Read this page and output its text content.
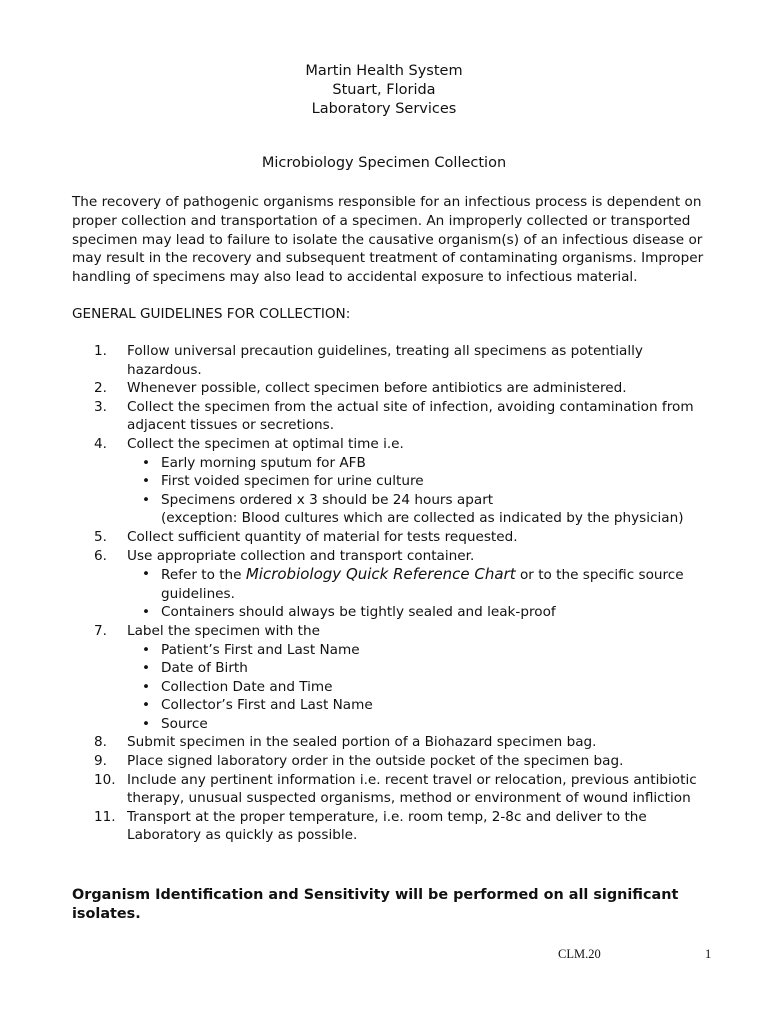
Martin Health System
Stuart, Florida
Laboratory Services
Microbiology Specimen Collection

The recovery of pathogenic organisms responsible for an infectious process is dependent on proper collection and transportation of a specimen. An improperly collected or transported specimen may lead to failure to isolate the causative organism(s) of an infectious disease or may result in the recovery and subsequent treatment of contaminating organisms. Improper handling of specimens may also lead to accidental exposure to infectious material.

GENERAL GUIDELINES FOR COLLECTION:

1. Follow universal precaution guidelines, treating all specimens as potentially hazardous.
2. Whenever possible, collect specimen before antibiotics are administered.
3. Collect the specimen from the actual site of infection, avoiding contamination from adjacent tissues or secretions.
4. Collect the specimen at optimal time i.e.
• Early morning sputum for AFB
• First voided specimen for urine culture
• Specimens ordered x 3 should be 24 hours apart
(exception: Blood cultures which are collected as indicated by the physician)
5. Collect sufficient quantity of material for tests requested.
6. Use appropriate collection and transport container.
• Refer to the Microbiology Quick Reference Chart or to the specific source guidelines.
• Containers should always be tightly sealed and leak-proof
7. Label the specimen with the
• Patient’s First and Last Name
• Date of Birth
• Collection Date and Time
• Collector’s First and Last Name
• Source
8. Submit specimen in the sealed portion of a Biohazard specimen bag.
9. Place signed laboratory order in the outside pocket of the specimen bag.
10. Include any pertinent information i.e. recent travel or relocation, previous antibiotic therapy, unusual suspected organisms, method or environment of wound infliction
11. Transport at the proper temperature, i.e. room temp, 2-8c and deliver to the Laboratory as quickly as possible.
Organism Identification and Sensitivity will be performed on all significant isolates.
CLM.20	1
